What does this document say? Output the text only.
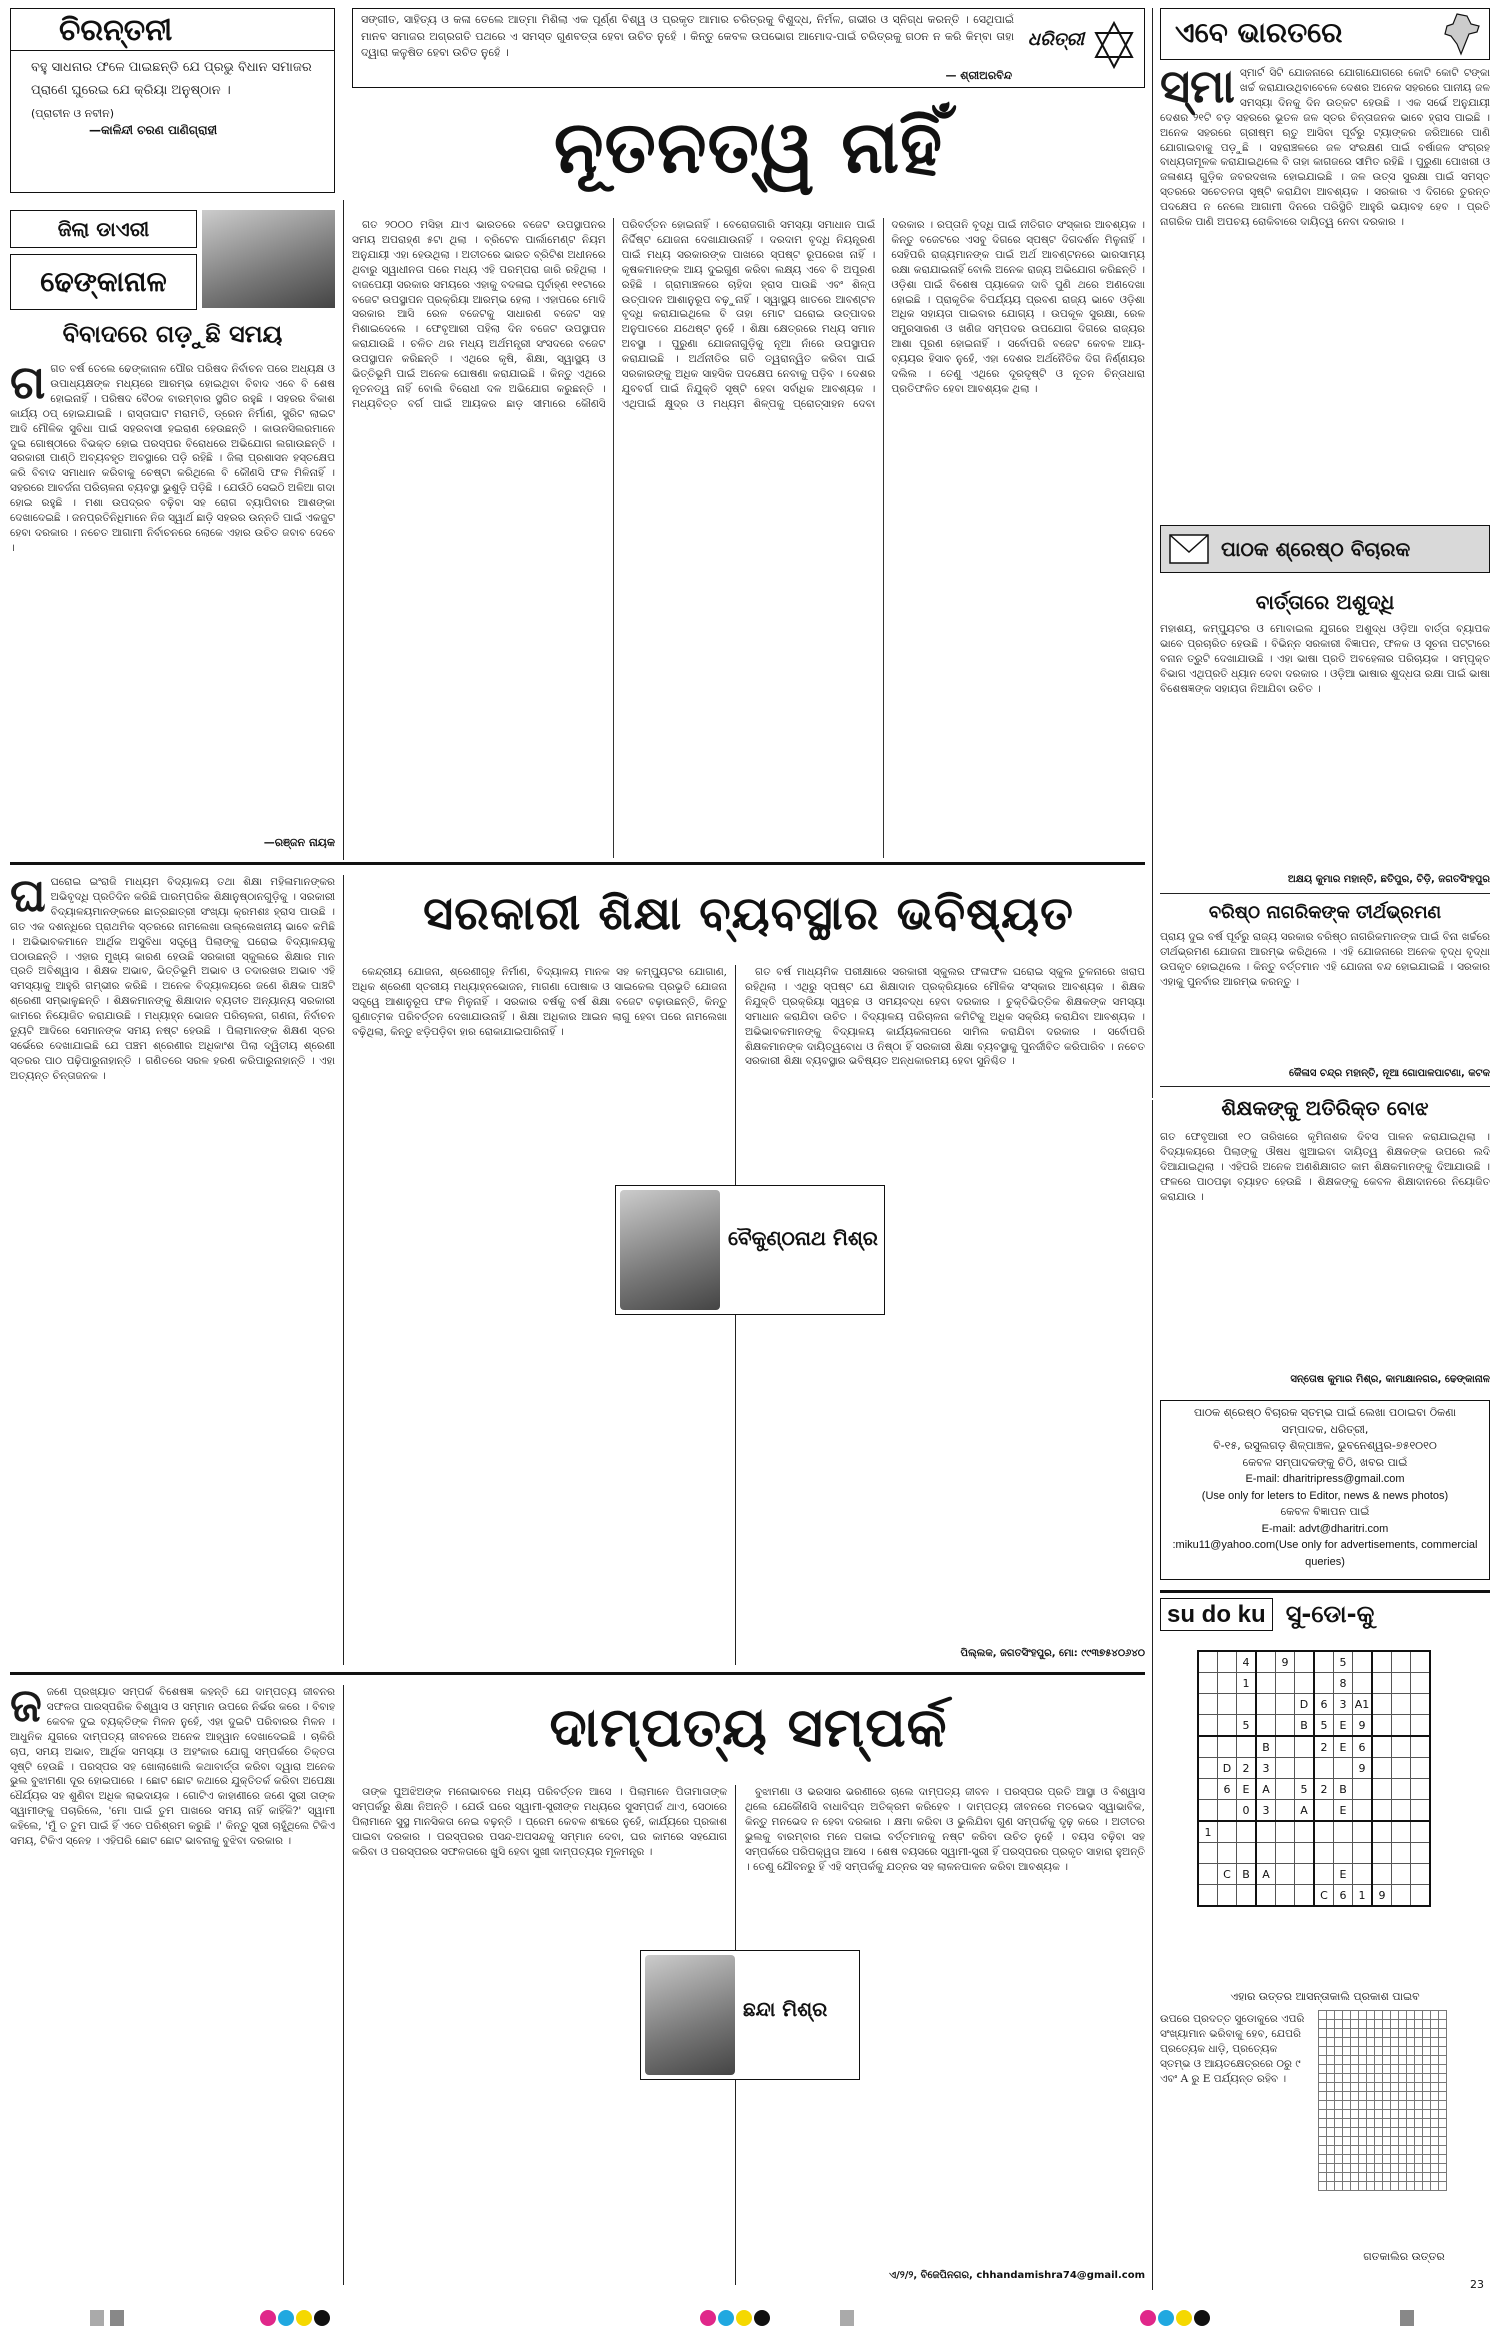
ଚିରନ୍ତନୀ
ବହୁ ସାଧନାର ଫଳେ ପାଇଛନ୍ତି ଯେ ପ୍ରଭୁ ବିଧାନ ସମାଜର ପ୍ରାଣେ ଘୁରେଇ ଯେ କ୍ରିୟା ଅନୁଷ୍ଠାନ ।
(ପ୍ରାଚୀନ ଓ ନବୀନ)
—କାଳିନ୍ଦୀ ଚରଣ ପାଣିଗ୍ରାହୀ
ସଙ୍ଗୀତ, ସାହିତ୍ୟ ଓ କଳା ତେଲେ ଆତ୍ମା ମିଶିଲା ଏକ ପୂର୍ଣ୍ଣ ବିଶ୍ୱ ଓ ପ୍ରକୃତ ଆମାର ଚରିତ୍ରକୁ ବିଶୁଦ୍ଧ, ନିର୍ମଳ, ଗଭୀର ଓ ସ୍ନିଗ୍ଧ କରନ୍ତି । ସେଥିପାଇଁ ମାନବ ସମାଜର ଅଗ୍ରଗତି ପଥରେ ଏ ସମସ୍ତ ଗୁଣବତ୍ତା ହେବା ଉଚିତ ନୁହେଁ । କିନ୍ତୁ କେବଳ ଉପଭୋଗ ଆମୋଦ-ପାଇଁ ଚରିତ୍ରକୁ ଗଠନ ନ କରି କିମ୍ବା ତାହା ଦ୍ୱାରା କଳୁଷିତ ହେବା ଉଚିତ ନୁହେଁ ।
— ଶ୍ରୀଅରବିନ୍ଦ
ଧରିତ୍ରୀ
ନୂତନତ୍ୱ ନାହିଁ

ଗତ ୨୦୦୦ ମସିହା ଯାଏ ଭାରତରେ ବଜେଟ ଉପସ୍ଥାପନର ସମୟ ଅପରାହ୍ଣ ୫ଟା ଥିଲା । ବ୍ରିଟେନ ପାର୍ଲାମେଣ୍ଟ ନିୟମ ଅନୁଯାୟୀ ଏହା ହେଉଥିଲା । ଅତୀତରେ ଭାରତ ବ୍ରିଟିଶ ଅଧୀନରେ ଥିବାରୁ ସ୍ୱାଧୀନତା ପରେ ମଧ୍ୟ ଏହି ପରମ୍ପରା ଜାରି ରହିଥିଲା । ବାଜପେୟୀ ସରକାର ସମୟରେ ଏହାକୁ ବଦଳାଇ ପୂର୍ବାହ୍ଣ ୧୧ଟାରେ ବଜେଟ ଉପସ୍ଥାପନ ପ୍ରକ୍ରିୟା ଆରମ୍ଭ ହେଲା । ଏହାପରେ ମୋଦି ସରକାର ଆସି ରେଳ ବଜେଟକୁ ସାଧାରଣ ବଜେଟ ସହ ମିଶାଇଦେଲେ । ଫେବୃଆରୀ ପହିଲା ଦିନ ବଜେଟ ଉପସ୍ଥାପନ କରାଯାଉଛି । ଚଳିତ ଥର ମଧ୍ୟ ଅର୍ଥମନ୍ତ୍ରୀ ସଂସଦରେ ବଜେଟ ଉପସ୍ଥାପନ କରିଛନ୍ତି । ଏଥିରେ କୃଷି, ଶିକ୍ଷା, ସ୍ୱାସ୍ଥ୍ୟ ଓ ଭିତ୍ତିଭୂମି ପାଇଁ ଅନେକ ଘୋଷଣା କରାଯାଇଛି । କିନ୍ତୁ ଏଥିରେ ନୂତନତ୍ୱ ନାହିଁ ବୋଲି ବିରୋଧୀ ଦଳ ଅଭିଯୋଗ କରୁଛନ୍ତି । ମଧ୍ୟବିତ୍ତ ବର୍ଗ ପାଇଁ ଆୟକର ଛାଡ଼ ସୀମାରେ କୌଣସି ପରିବର୍ତ୍ତନ ହୋଇନାହିଁ । ବେରୋଜଗାରି ସମସ୍ୟା ସମାଧାନ ପାଇଁ ନିର୍ଦ୍ଦିଷ୍ଟ ଯୋଜନା ଦେଖାଯାଉନାହିଁ । ଦରଦାମ ବୃଦ୍ଧି ନିୟନ୍ତ୍ରଣ ପାଇଁ ମଧ୍ୟ ସରକାରଙ୍କ ପାଖରେ ସ୍ପଷ୍ଟ ରୂପରେଖ ନାହିଁ । କୃଷକମାନଙ୍କ ଆୟ ଦୁଇଗୁଣ କରିବା ଲକ୍ଷ୍ୟ ଏବେ ବି ଅପୂରଣ ରହିଛି । ଗ୍ରାମାଞ୍ଚଳରେ ଚାହିଦା ହ୍ରାସ ପାଉଛି ଏବଂ ଶିଳ୍ପ ଉତ୍ପାଦନ ଆଶାନୁରୂପ ବଢ଼ୁନାହିଁ । ସ୍ୱାସ୍ଥ୍ୟ ଖାତରେ ଆବଣ୍ଟନ ବୃଦ୍ଧି କରାଯାଇଥିଲେ ବି ତାହା ମୋଟ ଘରୋଇ ଉତ୍ପାଦର ଅନୁପାତରେ ଯଥେଷ୍ଟ ନୁହେଁ । ଶିକ୍ଷା କ୍ଷେତ୍ରରେ ମଧ୍ୟ ସମାନ ଅବସ୍ଥା । ପୁରୁଣା ଯୋଜନାଗୁଡ଼ିକୁ ନୂଆ ନାଁରେ ଉପସ୍ଥାପନ କରାଯାଇଛି । ଅର୍ଥନୀତିର ଗତି ତ୍ୱରାନ୍ୱିତ କରିବା ପାଇଁ ସରକାରଙ୍କୁ ଅଧିକ ସାହସିକ ପଦକ୍ଷେପ ନେବାକୁ ପଡ଼ିବ । ଦେଶର ଯୁବବର୍ଗ ପାଇଁ ନିଯୁକ୍ତି ସୃଷ୍ଟି ହେବା ସର୍ବାଧିକ ଆବଶ୍ୟକ । ଏଥିପାଇଁ କ୍ଷୁଦ୍ର ଓ ମଧ୍ୟମ ଶିଳ୍ପକୁ ପ୍ରୋତ୍ସାହନ ଦେବା ଦରକାର । ରପ୍ତାନି ବୃଦ୍ଧି ପାଇଁ ନୀତିଗତ ସଂସ୍କାର ଆବଶ୍ୟକ । କିନ୍ତୁ ବଜେଟରେ ଏସବୁ ଦିଗରେ ସ୍ପଷ୍ଟ ଦିଗଦର୍ଶନ ମିଳୁନାହିଁ । ସେହିପରି ରାଜ୍ୟମାନଙ୍କ ପାଇଁ ଅର୍ଥ ଆବଣ୍ଟନରେ ଭାରସାମ୍ୟ ରକ୍ଷା କରାଯାଇନାହିଁ ବୋଲି ଅନେକ ରାଜ୍ୟ ଅଭିଯୋଗ କରିଛନ୍ତି । ଓଡ଼ିଶା ପାଇଁ ବିଶେଷ ପ୍ୟାକେଜ ଦାବି ପୁଣି ଥରେ ଅଣଦେଖା ହୋଇଛି । ପ୍ରାକୃତିକ ବିପର୍ଯ୍ୟୟ ପ୍ରବଣ ରାଜ୍ୟ ଭାବେ ଓଡ଼ିଶା ଅଧିକ ସହାୟତା ପାଇବାର ଯୋଗ୍ୟ । ଉପକୂଳ ସୁରକ୍ଷା, ରେଳ ସମ୍ପ୍ରସାରଣ ଓ ଖଣିଜ ସମ୍ପଦର ଉପଯୋଗ ଦିଗରେ ରାଜ୍ୟର ଆଶା ପୂରଣ ହୋଇନାହିଁ । ସର୍ବୋପରି ବଜେଟ କେବଳ ଆୟ-ବ୍ୟୟର ହିସାବ ନୁହେଁ, ଏହା ଦେଶର ଅର୍ଥନୈତିକ ଦିଗ ନିର୍ଣ୍ଣୟର ଦଲିଲ । ତେଣୁ ଏଥିରେ ଦୂରଦୃଷ୍ଟି ଓ ନୂତନ ଚିନ୍ତାଧାରା ପ୍ରତିଫଳିତ ହେବା ଆବଶ୍ୟକ ଥିଲା ।

ଏବେ ଭାରତରେ

ସ୍ମା ସ୍ମାର୍ଟ ସିଟି ଯୋଜନାରେ ଯୋଗାଯୋଗରେ କୋଟି କୋଟି ଟଙ୍କା ଖର୍ଚ୍ଚ କରାଯାଉଥିବାବେଳେ ଦେଶର ଅନେକ ସହରରେ ପାନୀୟ ଜଳ ସମସ୍ୟା ଦିନକୁ ଦିନ ଉତ୍କଟ ହେଉଛି । ଏକ ସର୍ଭେ ଅନୁଯାୟୀ ଦେଶର ୨୧ଟି ବଡ଼ ସହରରେ ଭୂତଳ ଜଳ ସ୍ତର ଚିନ୍ତାଜନକ ଭାବେ ହ୍ରାସ ପାଇଛି । ଅନେକ ସହରରେ ଗ୍ରୀଷ୍ମ ଋତୁ ଆସିବା ପୂର୍ବରୁ ଟ୍ୟାଙ୍କର ଜରିଆରେ ପାଣି ଯୋଗାଇବାକୁ ପଡ଼ୁଛି । ସହରାଞ୍ଚଳରେ ଜଳ ସଂରକ୍ଷଣ ପାଇଁ ବର୍ଷାଜଳ ସଂଗ୍ରହ ବାଧ୍ୟତାମୂଳକ କରାଯାଇଥିଲେ ବି ତାହା କାଗଜରେ ସୀମିତ ରହିଛି । ପୁରୁଣା ପୋଖରୀ ଓ ଜଳାଶୟ ଗୁଡ଼ିକ ଜବରଦଖଲ ହୋଇଯାଇଛି । ଜଳ ଉତ୍ସ ସୁରକ୍ଷା ପାଇଁ ସମସ୍ତ ସ୍ତରରେ ସଚେତନତା ସୃଷ୍ଟି କରାଯିବା ଆବଶ୍ୟକ । ସରକାର ଏ ଦିଗରେ ତୁରନ୍ତ ପଦକ୍ଷେପ ନ ନେଲେ ଆଗାମୀ ଦିନରେ ପରିସ୍ଥିତି ଆହୁରି ଭୟାବହ ହେବ । ପ୍ରତି ନାଗରିକ ପାଣି ଅପଚୟ ରୋକିବାରେ ଦାୟିତ୍ୱ ନେବା ଦରକାର ।

ଜିଲା ଡାଏରୀ
ଢେଙ୍କାନାଳ
ବିବାଦରେ ଗଡ଼ୁଛି ସମୟ

ଗଗତ ବର୍ଷ ତେଲେ ଢେଙ୍କାନାଳ ପୌର ପରିଷଦ ନିର୍ବାଚନ ପରେ ଅଧ୍ୟକ୍ଷ ଓ ଉପାଧ୍ୟକ୍ଷଙ୍କ ମଧ୍ୟରେ ଆରମ୍ଭ ହୋଇଥିବା ବିବାଦ ଏବେ ବି ଶେଷ ହୋଇନାହିଁ । ପରିଷଦ ବୈଠକ ବାରମ୍ବାର ସ୍ଥଗିତ ରହୁଛି । ସହରର ବିକାଶ କାର୍ଯ୍ୟ ଠପ୍ ହୋଇଯାଇଛି । ରାସ୍ତାଘାଟ ମରାମତି, ଡ୍ରେନ ନିର୍ମାଣ, ସ୍ଟ୍ରିଟ ଲାଇଟ ଆଦି ମୌଳିକ ସୁବିଧା ପାଇଁ ସହରବାସୀ ହଇରାଣ ହେଉଛନ୍ତି । କାଉନସିଲରମାନେ ଦୁଇ ଗୋଷ୍ଠୀରେ ବିଭକ୍ତ ହୋଇ ପରସ୍ପର ବିରୋଧରେ ଅଭିଯୋଗ ଲଗାଉଛନ୍ତି । ସରକାରୀ ପାଣ୍ଠି ଅବ୍ୟବହୃତ ଅବସ୍ଥାରେ ପଡ଼ି ରହିଛି । ଜିଲା ପ୍ରଶାସନ ହସ୍ତକ୍ଷେପ କରି ବିବାଦ ସମାଧାନ କରିବାକୁ ଚେଷ୍ଟା କରିଥିଲେ ବି କୌଣସି ଫଳ ମିଳିନାହିଁ । ସହରରେ ଆବର୍ଜନା ପରିଚାଳନା ବ୍ୟବସ୍ଥା ଭୁଶୁଡ଼ି ପଡ଼ିଛି । ଯେଉଁଠି ସେଇଠି ଅଳିଆ ଗଦା ହୋଇ ରହୁଛି । ମଶା ଉପଦ୍ରବ ବଢ଼ିବା ସହ ରୋଗ ବ୍ୟାପିବାର ଆଶଙ୍କା ଦେଖାଦେଇଛି । ଜନପ୍ରତିନିଧିମାନେ ନିଜ ସ୍ୱାର୍ଥ ଛାଡ଼ି ସହରର ଉନ୍ନତି ପାଇଁ ଏକଜୁଟ ହେବା ଦରକାର । ନଚେତ ଆଗାମୀ ନିର୍ବାଚନରେ ଲୋକେ ଏହାର ଉଚିତ ଜବାବ ଦେବେ ।

—ରଞ୍ଜନ ନାୟକ
ପାଠକ ଶ୍ରେଷ୍ଠ ବିଚାରକ
ବାର୍ତ୍ତାରେ ଅଶୁଦ୍ଧି
ମହାଶୟ, କମ୍ପ୍ୟୁଟର ଓ ମୋବାଇଲ ଯୁଗରେ ଅଶୁଦ୍ଧ ଓଡ଼ିଆ ବାର୍ତ୍ତା ବ୍ୟାପକ ଭାବେ ପ୍ରଚାରିତ ହେଉଛି । ବିଭିନ୍ନ ସରକାରୀ ବିଜ୍ଞାପନ, ଫଳକ ଓ ସୂଚନା ପଟ୍ଟାରେ ବନାନ ତ୍ରୁଟି ଦେଖାଯାଉଛି । ଏହା ଭାଷା ପ୍ରତି ଅବହେଳାର ପରିଚାୟକ । ସମ୍ପୃକ୍ତ ବିଭାଗ ଏଥିପ୍ରତି ଧ୍ୟାନ ଦେବା ଦରକାର । ଓଡ଼ିଆ ଭାଷାର ଶୁଦ୍ଧତା ରକ୍ଷା ପାଇଁ ଭାଷା ବିଶେଷଜ୍ଞଙ୍କ ସହାୟତା ନିଆଯିବା ଉଚିତ ।
ଅକ୍ଷୟ କୁମାର ମହାନ୍ତି, ଛତିପୁର, ଚିଡ଼ି, ଜଗତସିଂହପୁର
ବରିଷ୍ଠ ନାଗରିକଙ୍କ ତୀର୍ଥଭ୍ରମଣ
ପ୍ରାୟ ଦୁଇ ବର୍ଷ ପୂର୍ବରୁ ରାଜ୍ୟ ସରକାର ବରିଷ୍ଠ ନାଗରିକମାନଙ୍କ ପାଇଁ ବିନା ଖର୍ଚ୍ଚରେ ତୀର୍ଥଭ୍ରମଣ ଯୋଜନା ଆରମ୍ଭ କରିଥିଲେ । ଏହି ଯୋଜନାରେ ଅନେକ ବୃଦ୍ଧ ବୃଦ୍ଧା ଉପକୃତ ହୋଇଥିଲେ । କିନ୍ତୁ ବର୍ତ୍ତମାନ ଏହି ଯୋଜନା ବନ୍ଦ ହୋଇଯାଇଛି । ସରକାର ଏହାକୁ ପୁନର୍ବାର ଆରମ୍ଭ କରନ୍ତୁ ।
କୈଳାସ ଚନ୍ଦ୍ର ମହାନ୍ତି, ନୂଆ ଗୋପାଳପାଟଣା, କଟକ
ଶିକ୍ଷକଙ୍କୁ ଅତିରିକ୍ତ ବୋଝ
ଗତ ଫେବୃଆରୀ ୧୦ ତାରିଖରେ କୃମିନାଶକ ଦିବସ ପାଳନ କରାଯାଇଥିଲା । ବିଦ୍ୟାଳୟରେ ପିଲାଙ୍କୁ ଔଷଧ ଖୁଆଇବା ଦାୟିତ୍ୱ ଶିକ୍ଷକଙ୍କ ଉପରେ ଲଦି ଦିଆଯାଇଥିଲା । ଏହିପରି ଅନେକ ଅଣଶିକ୍ଷାଗତ କାମ ଶିକ୍ଷକମାନଙ୍କୁ ଦିଆଯାଉଛି । ଫଳରେ ପାଠପଢ଼ା ବ୍ୟାହତ ହେଉଛି । ଶିକ୍ଷକଙ୍କୁ କେବଳ ଶିକ୍ଷାଦାନରେ ନିୟୋଜିତ କରାଯାଉ ।
ସନ୍ତୋଷ କୁମାର ମିଶ୍ର, କାମାକ୍ଷାନଗର, ଢେଙ୍କାନାଳ
ପାଠକ ଶ୍ରେଷ୍ଠ ବିଚାରକ ସ୍ତମ୍ଭ ପାଇଁ ଲେଖା ପଠାଇବା ଠିକଣା
ସମ୍ପାଦକ, ଧରିତ୍ରୀ,
ବି-୧୫, ରସୁଲଗଡ଼ ଶିଳ୍ପାଞ୍ଚଳ, ଭୁବନେଶ୍ୱର-୭୫୧୦୧୦
କେବଳ ସମ୍ପାଦକଙ୍କୁ ଚିଠି, ଖବର ପାଇଁ
E-mail: dharitripress@gmail.com
(Use only for leters to Editor, news & news photos)
କେବଳ ବିଜ୍ଞାପନ ପାଇଁ
E-mail: advt@dharitri.com
:miku11@yahoo.com(Use only for advertisements, commercial queries)

ଘଘରୋଇ ଇଂରାଜି ମାଧ୍ୟମ ବିଦ୍ୟାଳୟ ତଥା ଶିକ୍ଷା ମହିଳାମାନଙ୍କର ଅଭିବୃଦ୍ଧି ପ୍ରତିଦିନ କରିଛି ପାରମ୍ପରିକ ଶିକ୍ଷାନୁଷ୍ଠାନଗୁଡ଼ିକୁ । ସରକାରୀ ବିଦ୍ୟାଳୟମାନଙ୍କରେ ଛାତ୍ରଛାତ୍ରୀ ସଂଖ୍ୟା କ୍ରମଶଃ ହ୍ରାସ ପାଉଛି । ଗତ ଏକ ଦଶନ୍ଧିରେ ପ୍ରାଥମିକ ସ୍ତରରେ ନାମଲେଖା ଉଲ୍ଲେଖନୀୟ ଭାବେ କମିଛି । ଅଭିଭାବକମାନେ ଆର୍ଥିକ ଅସୁବିଧା ସତ୍ତ୍ୱେ ପିଲାଙ୍କୁ ଘରୋଇ ବିଦ୍ୟାଳୟକୁ ପଠାଉଛନ୍ତି । ଏହାର ମୁଖ୍ୟ କାରଣ ହେଉଛି ସରକାରୀ ସ୍କୁଲରେ ଶିକ୍ଷାର ମାନ ପ୍ରତି ଅବିଶ୍ୱାସ । ଶିକ୍ଷକ ଅଭାବ, ଭିତ୍ତିଭୂମି ଅଭାବ ଓ ତଦାରଖର ଅଭାବ ଏହି ସମସ୍ୟାକୁ ଆହୁରି ଗମ୍ଭୀର କରିଛି । ଅନେକ ବିଦ୍ୟାଳୟରେ ଜଣେ ଶିକ୍ଷକ ପାଞ୍ଚଟି ଶ୍ରେଣୀ ସମ୍ଭାଳୁଛନ୍ତି । ଶିକ୍ଷକମାନଙ୍କୁ ଶିକ୍ଷାଦାନ ବ୍ୟତୀତ ଅନ୍ୟାନ୍ୟ ସରକାରୀ କାମରେ ନିୟୋଜିତ କରାଯାଉଛି । ମଧ୍ୟାହ୍ନ ଭୋଜନ ପରିଚାଳନା, ଗଣନା, ନିର୍ବାଚନ ଡ୍ୟୁଟି ଆଦିରେ ସେମାନଙ୍କ ସମୟ ନଷ୍ଟ ହେଉଛି । ପିଲାମାନଙ୍କ ଶିକ୍ଷଣ ସ୍ତର ସର୍ଭେରେ ଦେଖାଯାଇଛି ଯେ ପଞ୍ଚମ ଶ୍ରେଣୀର ଅଧିକାଂଶ ପିଲା ଦ୍ୱିତୀୟ ଶ୍ରେଣୀ ସ୍ତରର ପାଠ ପଢ଼ିପାରୁନାହାନ୍ତି । ଗଣିତରେ ସରଳ ହରଣ କରିପାରୁନାହାନ୍ତି । ଏହା ଅତ୍ୟନ୍ତ ଚିନ୍ତାଜନକ ।

ସରକାରୀ ଶିକ୍ଷା ବ୍ୟବସ୍ଥାର ଭବିଷ୍ୟତ

କେନ୍ଦ୍ରୀୟ ଯୋଜନା, ଶ୍ରେଣୀଗୃହ ନିର୍ମାଣ, ବିଦ୍ୟାଳୟ ମାନକ ସହ କମ୍ପ୍ୟୁଟର ଯୋଗାଣ, ଅଧିକ ଶ୍ରେଣୀ ସ୍ତରୀୟ ମଧ୍ୟାହ୍ନଭୋଜନ, ମାଗଣା ପୋଷାକ ଓ ସାଇକେଲ ପ୍ରଭୃତି ଯୋଜନା ସତ୍ତ୍ୱେ ଆଶାନୁରୂପ ଫଳ ମିଳୁନାହିଁ । ସରକାର ବର୍ଷକୁ ବର୍ଷ ଶିକ୍ଷା ବଜେଟ ବଢ଼ାଉଛନ୍ତି, କିନ୍ତୁ ଗୁଣାତ୍ମକ ପରିବର୍ତ୍ତନ ଦେଖାଯାଉନାହିଁ । ଶିକ୍ଷା ଅଧିକାର ଆଇନ ଲାଗୁ ହେବା ପରେ ନାମଲେଖା ବଢ଼ିଥିଲା, କିନ୍ତୁ ଝଡ଼ିପଡ଼ିବା ହାର ରୋକାଯାଇପାରିନାହିଁ ।

ଗତ ବର୍ଷ ମାଧ୍ୟମିକ ପରୀକ୍ଷାରେ ସରକାରୀ ସ୍କୁଲର ଫଳାଫଳ ଘରୋଇ ସ୍କୁଲ ତୁଳନାରେ ଖରାପ ରହିଥିଲା । ଏଥିରୁ ସ୍ପଷ୍ଟ ଯେ ଶିକ୍ଷାଦାନ ପ୍ରକ୍ରିୟାରେ ମୌଳିକ ସଂସ୍କାର ଆବଶ୍ୟକ । ଶିକ୍ଷକ ନିଯୁକ୍ତି ପ୍ରକ୍ରିୟା ସ୍ୱଚ୍ଛ ଓ ସମୟବଦ୍ଧ ହେବା ଦରକାର । ଚୁକ୍ତିଭିତ୍ତିକ ଶିକ୍ଷକଙ୍କ ସମସ୍ୟା ସମାଧାନ କରାଯିବା ଉଚିତ । ବିଦ୍ୟାଳୟ ପରିଚାଳନା କମିଟିକୁ ଅଧିକ ସକ୍ରିୟ କରାଯିବା ଆବଶ୍ୟକ । ଅଭିଭାବକମାନଙ୍କୁ ବିଦ୍ୟାଳୟ କାର୍ଯ୍ୟକଳାପରେ ସାମିଲ କରାଯିବା ଦରକାର । ସର୍ବୋପରି ଶିକ୍ଷକମାନଙ୍କ ଦାୟିତ୍ୱବୋଧ ଓ ନିଷ୍ଠା ହିଁ ସରକାରୀ ଶିକ୍ଷା ବ୍ୟବସ୍ଥାକୁ ପୁନର୍ଜୀବିତ କରିପାରିବ । ନଚେତ ସରକାରୀ ଶିକ୍ଷା ବ୍ୟବସ୍ଥାର ଭବିଷ୍ୟତ ଅନ୍ଧକାରମୟ ହେବା ସୁନିଶ୍ଚିତ ।

ବୈକୁଣ୍ଠନାଥ ମିଶ୍ର
ପିଲ୍ଲକ, ଜଗତସିଂହପୁର, ମୋ: ୯୯୩୭୫୪୦୬୪୦
su do ku ସୁ-ଡୋ-କୁ
		4		9			5				
		1					8				
					D	6	3	A1			
		5			B	5	E	9			
			B			2	E	6			
	D	2	3					9			
	6	E	A		5	2	B				
		0	3		A		E				
1											

	C	B	A				E				
						C	6	1	9		
ଏହାର ଉତ୍ତର ଆସନ୍ତାକାଲି ପ୍ରକାଶ ପାଇବ
ଉପରେ ପ୍ରଦତ୍ତ ସୁଡୋକୁରେ ଏପରି ସଂଖ୍ୟାମାନ ଭରିବାକୁ ହେବ, ଯେପରି ପ୍ରତ୍ୟେକ ଧାଡ଼ି, ପ୍ରତ୍ୟେକ ସ୍ତମ୍ଭ ଓ ଆୟତକ୍ଷେତ୍ରରେ ୦ରୁ ୯ ଏବଂ A ରୁ E ପର୍ଯ୍ୟନ୍ତ ରହିବ ।

ଗତକାଲିର ଉତ୍ତର

ଜଜଣେ ପ୍ରଖ୍ୟାତ ସମ୍ପର୍କ ବିଶେଷଜ୍ଞ କହନ୍ତି ଯେ ଦାମ୍ପତ୍ୟ ଜୀବନର ସଫଳତା ପାରସ୍ପରିକ ବିଶ୍ୱାସ ଓ ସମ୍ମାନ ଉପରେ ନିର୍ଭର କରେ । ବିବାହ କେବଳ ଦୁଇ ବ୍ୟକ୍ତିଙ୍କ ମିଳନ ନୁହେଁ, ଏହା ଦୁଇଟି ପରିବାରର ମିଳନ । ଆଧୁନିକ ଯୁଗରେ ଦାମ୍ପତ୍ୟ ଜୀବନରେ ଅନେକ ଆହ୍ୱାନ ଦେଖାଦେଇଛି । ଚାକିରି ଚାପ, ସମୟ ଅଭାବ, ଆର୍ଥିକ ସମସ୍ୟା ଓ ଅହଂକାର ଯୋଗୁ ସମ୍ପର୍କରେ ତିକ୍ତତା ସୃଷ୍ଟି ହେଉଛି । ପରସ୍ପର ସହ ଖୋଲାଖୋଲି କଥାବାର୍ତ୍ତା କରିବା ଦ୍ୱାରା ଅନେକ ଭୁଲ ବୁଝାମଣା ଦୂର ହୋଇପାରେ । ଛୋଟ ଛୋଟ କଥାରେ ଯୁକ୍ତିତର୍କ କରିବା ଅପେକ୍ଷା ଧୈର୍ଯ୍ୟର ସହ ଶୁଣିବା ଅଧିକ ଲାଭଦାୟକ । ଗୋଟିଏ କାହାଣୀରେ ଜଣେ ସ୍ତ୍ରୀ ତାଙ୍କ ସ୍ୱାମୀଙ୍କୁ ପଚାରିଲେ, 'ମୋ ପାଇଁ ତୁମ ପାଖରେ ସମୟ ନାହିଁ କାହିଁକି?' ସ୍ୱାମୀ କହିଲେ, 'ମୁଁ ତ ତୁମ ପାଇଁ ହିଁ ଏତେ ପରିଶ୍ରମ କରୁଛି ।' କିନ୍ତୁ ସ୍ତ୍ରୀ ଚାହୁଁଥିଲେ ଟିକିଏ ସମୟ, ଟିକିଏ ସ୍ନେହ । ଏହିପରି ଛୋଟ ଛୋଟ ଭାବନାକୁ ବୁଝିବା ଦରକାର ।

ଦାମ୍ପତ୍ୟ ସମ୍ପର୍କ

ତାଙ୍କ ପୁଅଝିଅଙ୍କ ମନୋଭାବରେ ମଧ୍ୟ ପରିବର୍ତ୍ତନ ଆସେ । ପିଲାମାନେ ପିତାମାତାଙ୍କ ସମ୍ପର୍କରୁ ଶିକ୍ଷା ନିଅନ୍ତି । ଯେଉଁ ଘରେ ସ୍ୱାମୀ-ସ୍ତ୍ରୀଙ୍କ ମଧ୍ୟରେ ସୁସମ୍ପର୍କ ଥାଏ, ସେଠାରେ ପିଲାମାନେ ସୁସ୍ଥ ମାନସିକତା ନେଇ ବଢ଼ନ୍ତି । ପ୍ରେମ କେବଳ ଶବ୍ଦରେ ନୁହେଁ, କାର୍ଯ୍ୟରେ ପ୍ରକାଶ ପାଇବା ଦରକାର । ପରସ୍ପରର ପସନ୍ଦ-ଅପସନ୍ଦକୁ ସମ୍ମାନ ଦେବା, ଘର କାମରେ ସହଯୋଗ କରିବା ଓ ପରସ୍ପରର ସଫଳତାରେ ଖୁସି ହେବା ସୁଖୀ ଦାମ୍ପତ୍ୟର ମୂଳମନ୍ତ୍ର ।

ବୁଝାମଣା ଓ ଭରସାର ଭରଣୀରେ ଚାଲେ ଦାମ୍ପତ୍ୟ ଜୀବନ । ପରସ୍ପର ପ୍ରତି ଆସ୍ଥା ଓ ବିଶ୍ୱାସ ଥିଲେ ଯେକୌଣସି ବାଧାବିଘ୍ନ ଅତିକ୍ରମ କରିହେବ । ଦାମ୍ପତ୍ୟ ଜୀବନରେ ମତଭେଦ ସ୍ୱାଭାବିକ, କିନ୍ତୁ ମନଭେଦ ନ ହେବା ଦରକାର । କ୍ଷମା କରିବା ଓ ଭୁଲିଯିବା ଗୁଣ ସମ୍ପର୍କକୁ ଦୃଢ଼ କରେ । ଅତୀତର ଭୁଲକୁ ବାରମ୍ବାର ମନେ ପକାଇ ବର୍ତ୍ତମାନକୁ ନଷ୍ଟ କରିବା ଉଚିତ ନୁହେଁ । ବୟସ ବଢ଼ିବା ସହ ସମ୍ପର୍କରେ ପରିପକ୍ୱତା ଆସେ । ଶେଷ ବୟସରେ ସ୍ୱାମୀ-ସ୍ତ୍ରୀ ହିଁ ପରସ୍ପରର ପ୍ରକୃତ ସାହାରା ହୁଅନ୍ତି । ତେଣୁ ଯୌବନରୁ ହିଁ ଏହି ସମ୍ପର୍କକୁ ଯତ୍ନର ସହ ଲାଳନପାଳନ କରିବା ଆବଶ୍ୟକ ।

ଛନ୍ଦା ମିଶ୍ର
ଏ/୨/୨, ବିଜେପିନଗର, chhandamishra74@gmail.com
23
